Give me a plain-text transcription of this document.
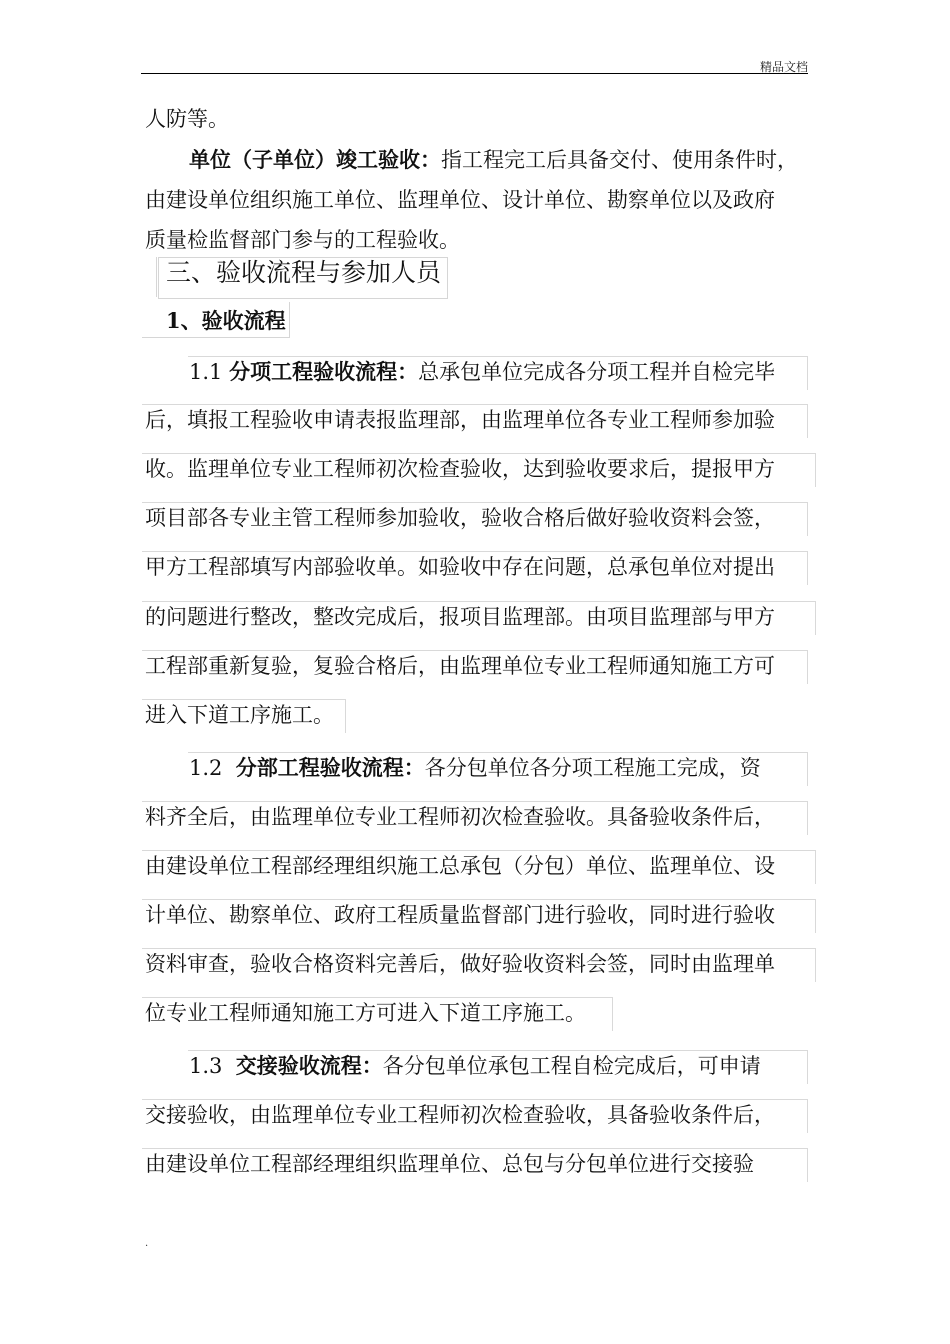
精品文档
人防等。
单位（子单位）竣工验收：指工程完工后具备交付、使用条件时，
由建设单位组织施工单位、监理单位、设计单位、勘察单位以及政府
质量检监督部门参与的工程验收。
三、验收流程与参加人员
1、验收流程
1.1 分项工程验收流程：总承包单位完成各分项工程并自检完毕
后，填报工程验收申请表报监理部，由监理单位各专业工程师参加验
收。监理单位专业工程师初次检查验收，达到验收要求后，提报甲方
项目部各专业主管工程师参加验收，验收合格后做好验收资料会签，
甲方工程部填写内部验收单。如验收中存在问题，总承包单位对提出
的问题进行整改，整改完成后，报项目监理部。由项目监理部与甲方
工程部重新复验，复验合格后，由监理单位专业工程师通知施工方可
进入下道工序施工。
1.2 分部工程验收流程：各分包单位各分项工程施工完成，资
料齐全后，由监理单位专业工程师初次检查验收。具备验收条件后，
由建设单位工程部经理组织施工总承包（分包）单位、监理单位、设
计单位、勘察单位、政府工程质量监督部门进行验收，同时进行验收
资料审查，验收合格资料完善后，做好验收资料会签，同时由监理单
位专业工程师通知施工方可进入下道工序施工。
1.3 交接验收流程：各分包单位承包工程自检完成后，可申请
交接验收，由监理单位专业工程师初次检查验收，具备验收条件后，
由建设单位工程部经理组织监理单位、总包与分包单位进行交接验
.
